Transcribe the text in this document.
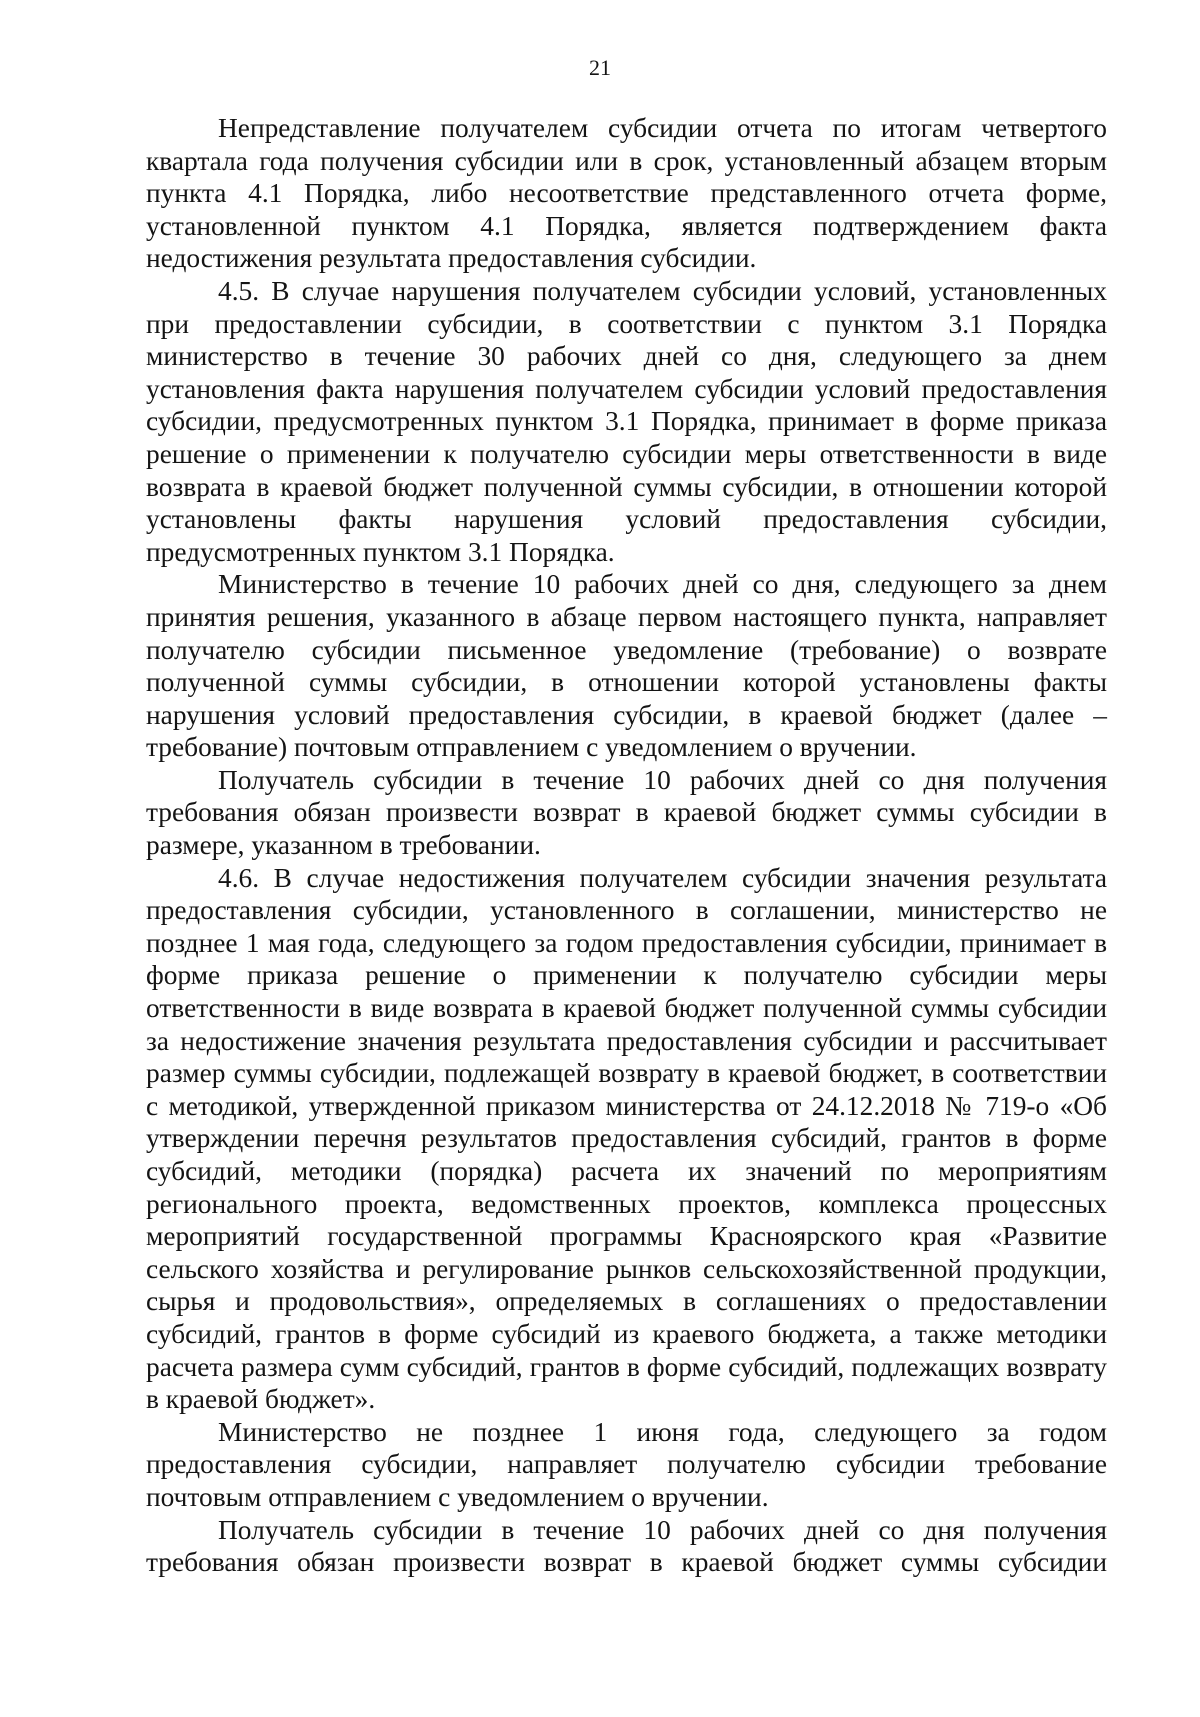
21

Непредставление получателем субсидии отчета по итогам четвертого квартала года получения субсидии или в срок, установленный абзацем вторым пункта 4.1 Порядка, либо несоответствие представленного отчета форме, установленной пунктом 4.1 Порядка, является подтверждением факта недостижения результата предоставления субсидии.

4.5. В случае нарушения получателем субсидии условий, установленных при предоставлении субсидии, в соответствии с пунктом 3.1 Порядка министерство в течение 30 рабочих дней со дня, следующего за днем установления факта нарушения получателем субсидии условий предоставления субсидии, предусмотренных пунктом 3.1 Порядка, принимает в форме приказа решение о применении к получателю субсидии меры ответственности в виде возврата в краевой бюджет полученной суммы субсидии, в отношении которой установлены факты нарушения условий предоставления субсидии, предусмотренных пунктом 3.1 Порядка.

Министерство в течение 10 рабочих дней со дня, следующего за днем принятия решения, указанного в абзаце первом настоящего пункта, направляет получателю субсидии письменное уведомление (требование) о возврате полученной суммы субсидии, в отношении которой установлены факты нарушения условий предоставления субсидии, в краевой бюджет (далее – требование) почтовым отправлением с уведомлением о вручении.

Получатель субсидии в течение 10 рабочих дней со дня получения требования обязан произвести возврат в краевой бюджет суммы субсидии в размере, указанном в требовании.

4.6. В случае недостижения получателем субсидии значения результата предоставления субсидии, установленного в соглашении, министерство не позднее 1 мая года, следующего за годом предоставления субсидии, принимает в форме приказа решение о применении к получателю субсидии меры ответственности в виде возврата в краевой бюджет полученной суммы субсидии за недостижение значения результата предоставления субсидии и рассчитывает размер суммы субсидии, подлежащей возврату в краевой бюджет, в соответствии с методикой, утвержденной приказом министерства от 24.12.2018 № 719-о «Об утверждении перечня результатов предоставления субсидий, грантов в форме субсидий, методики (порядка) расчета их значений по мероприятиям регионального проекта, ведомственных проектов, комплекса процессных мероприятий государственной программы Красноярского края «Развитие сельского хозяйства и регулирование рынков сельскохозяйственной продукции, сырья и продовольствия», определяемых в соглашениях о предоставлении субсидий, грантов в форме субсидий из краевого бюджета, а также методики расчета размера сумм субсидий, грантов в форме субсидий, подлежащих возврату в краевой бюджет».

Министерство не позднее 1 июня года, следующего за годом предоставления субсидии, направляет получателю субсидии требование почтовым отправлением с уведомлением о вручении.

Получатель субсидии в течение 10 рабочих дней со дня получения требования обязан произвести возврат в краевой бюджет суммы субсидии
